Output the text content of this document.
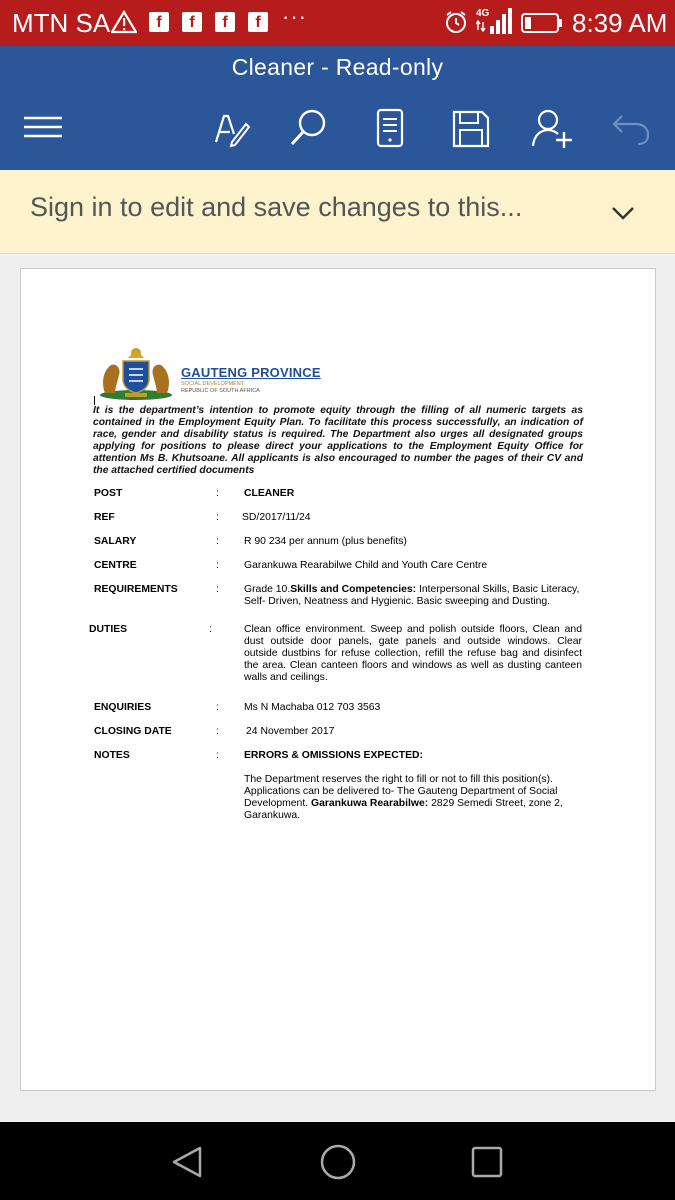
MTN SA	f	f	f	f ···	4G	8:39 AM
Cleaner - Read-only
Sign in to edit and save changes to this...
GAUTENG PROVINCE
SOCIAL DEVELOPMENT
REPUBLIC OF SOUTH AFRICA

It is the department’s intention to promote equity through the filling of all numeric targets as contained in the Employment Equity Plan. To facilitate this process successfully, an indication of race, gender and disability status is required. The Department also urges all designated groups applying for positions to please direct your applications to the Employment Equity Office for attention Ms B. Khutsoane. All applicants is also encouraged to number the pages of their CV and the attached certified documents

POST	: CLEANER
REF	: SD/2017/11/24
SALARY	: R 90 234 per annum (plus benefits)
CENTRE	: Garankuwa Rearabilwe Child and Youth Care Centre
REQUIREMENTS	: Grade 10.Skills and Competencies: Interpersonal Skills, Basic Literacy, Self- Driven, Neatness and Hygienic. Basic sweeping and Dusting.
DUTIES	:	Clean office environment. Sweep and polish outside floors, Clean and dust outside door panels, gate panels and outside windows. Clear outside dustbins for refuse collection, refill the refuse bag and disinfect the area. Clean canteen floors and windows as well as dusting canteen walls and ceilings.
ENQUIRIES	: Ms N Machaba 012 703 3563
CLOSING DATE	:	24 November 2017
NOTES	: ERRORS & OMISSIONS EXPECTED:
The Department reserves the right to fill or not to fill this position(s). Applications can be delivered to- The Gauteng Department of Social Development. Garankuwa Rearabilwe: 2829 Semedi Street, zone 2, Garankuwa.
